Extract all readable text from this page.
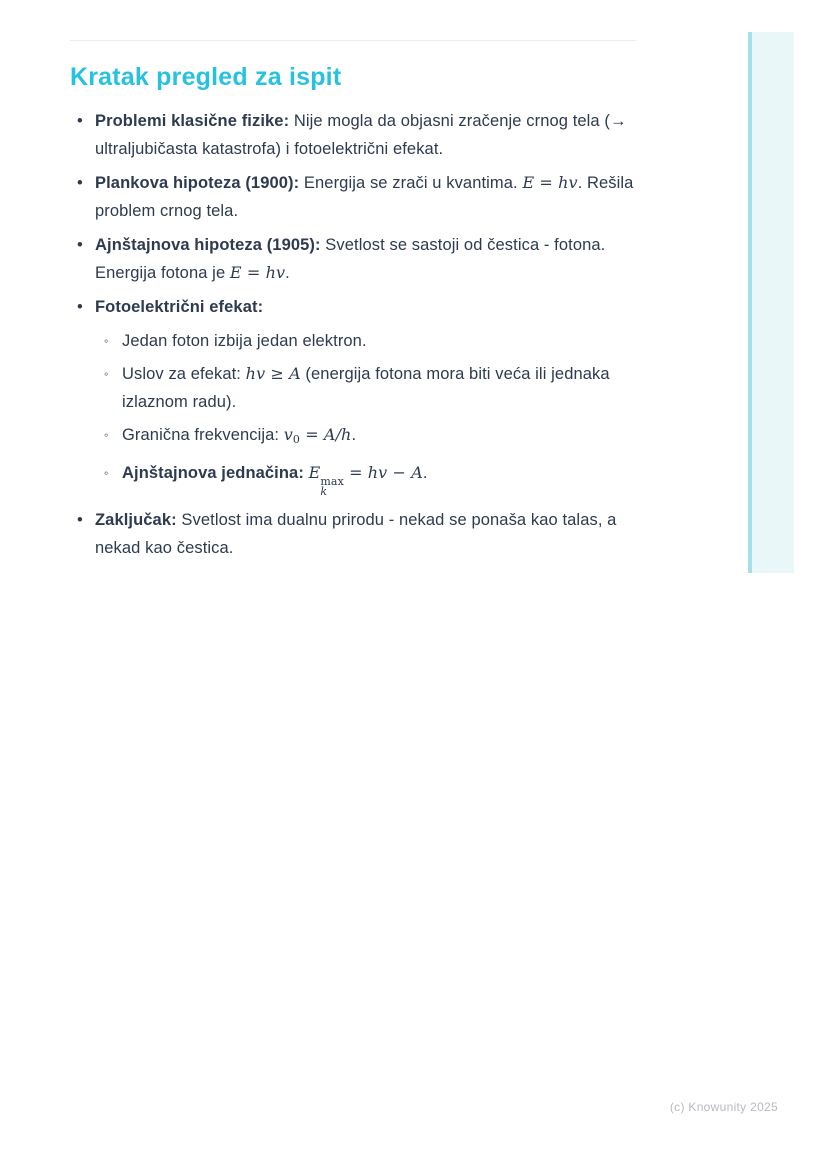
Kratak pregled za ispit
• Problemi klasične fizike: Nije mogla da objasni zračenje crnog tela (→ ultraljubičasta katastrofa) i fotoelektrični efekat.
• Plankova hipoteza (1900): Energija se zrači u kvantima. E = hv. Rešila problem crnog tela.
• Ajnštajnova hipoteza (1905): Svetlost se sastoji od čestica - fotona. Energija fotona je E = hv.
• Fotoelektrični efekat:
◦ Jedan foton izbija jedan elektron.
◦ Uslov za efekat: hv ≥ A (energija fotona mora biti veća ili jednaka izlaznom radu).
◦ Granična frekvencija: v0 = A/h.
◦ Ajnštajnova jednačina: E max
k
= hv − A.
• Zaključak: Svetlost ima dualnu prirodu - nekad se ponaša kao talas, a nekad kao čestica.
(c) Knowunity 2025
